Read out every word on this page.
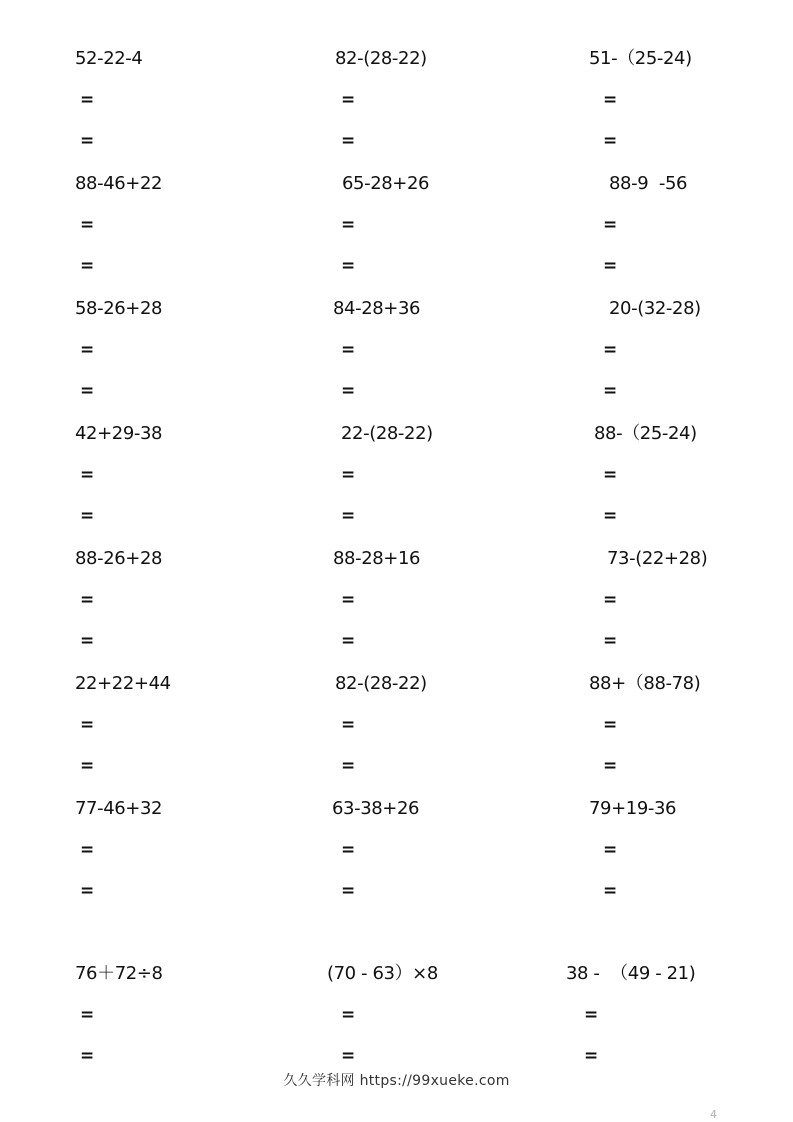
52-22-4
=
=
82-(28-22)
=
=
51-（25-24)
=
=
88-46+22
=
=
65-28+26
=
=
88-9  -56
=
=
58-26+28
=
=
84-28+36
=
=
20-(32-28)
=
=
42+29-38
=
=
22-(28-22)
=
=
88-（25-24)
=
=
88-26+28
=
=
88-28+16
=
=
73-(22+28)
=
=
22+22+44
=
=
82-(28-22)
=
=
88+（88-78)
=
=
77-46+32
=
=
63-38+26
=
=
79+19-36
=
=
76＋72÷8
=
=
(70 - 63）×8
=
=
38 -  （49 - 21)
=
=
久久学科网 https://99xueke.com
4
